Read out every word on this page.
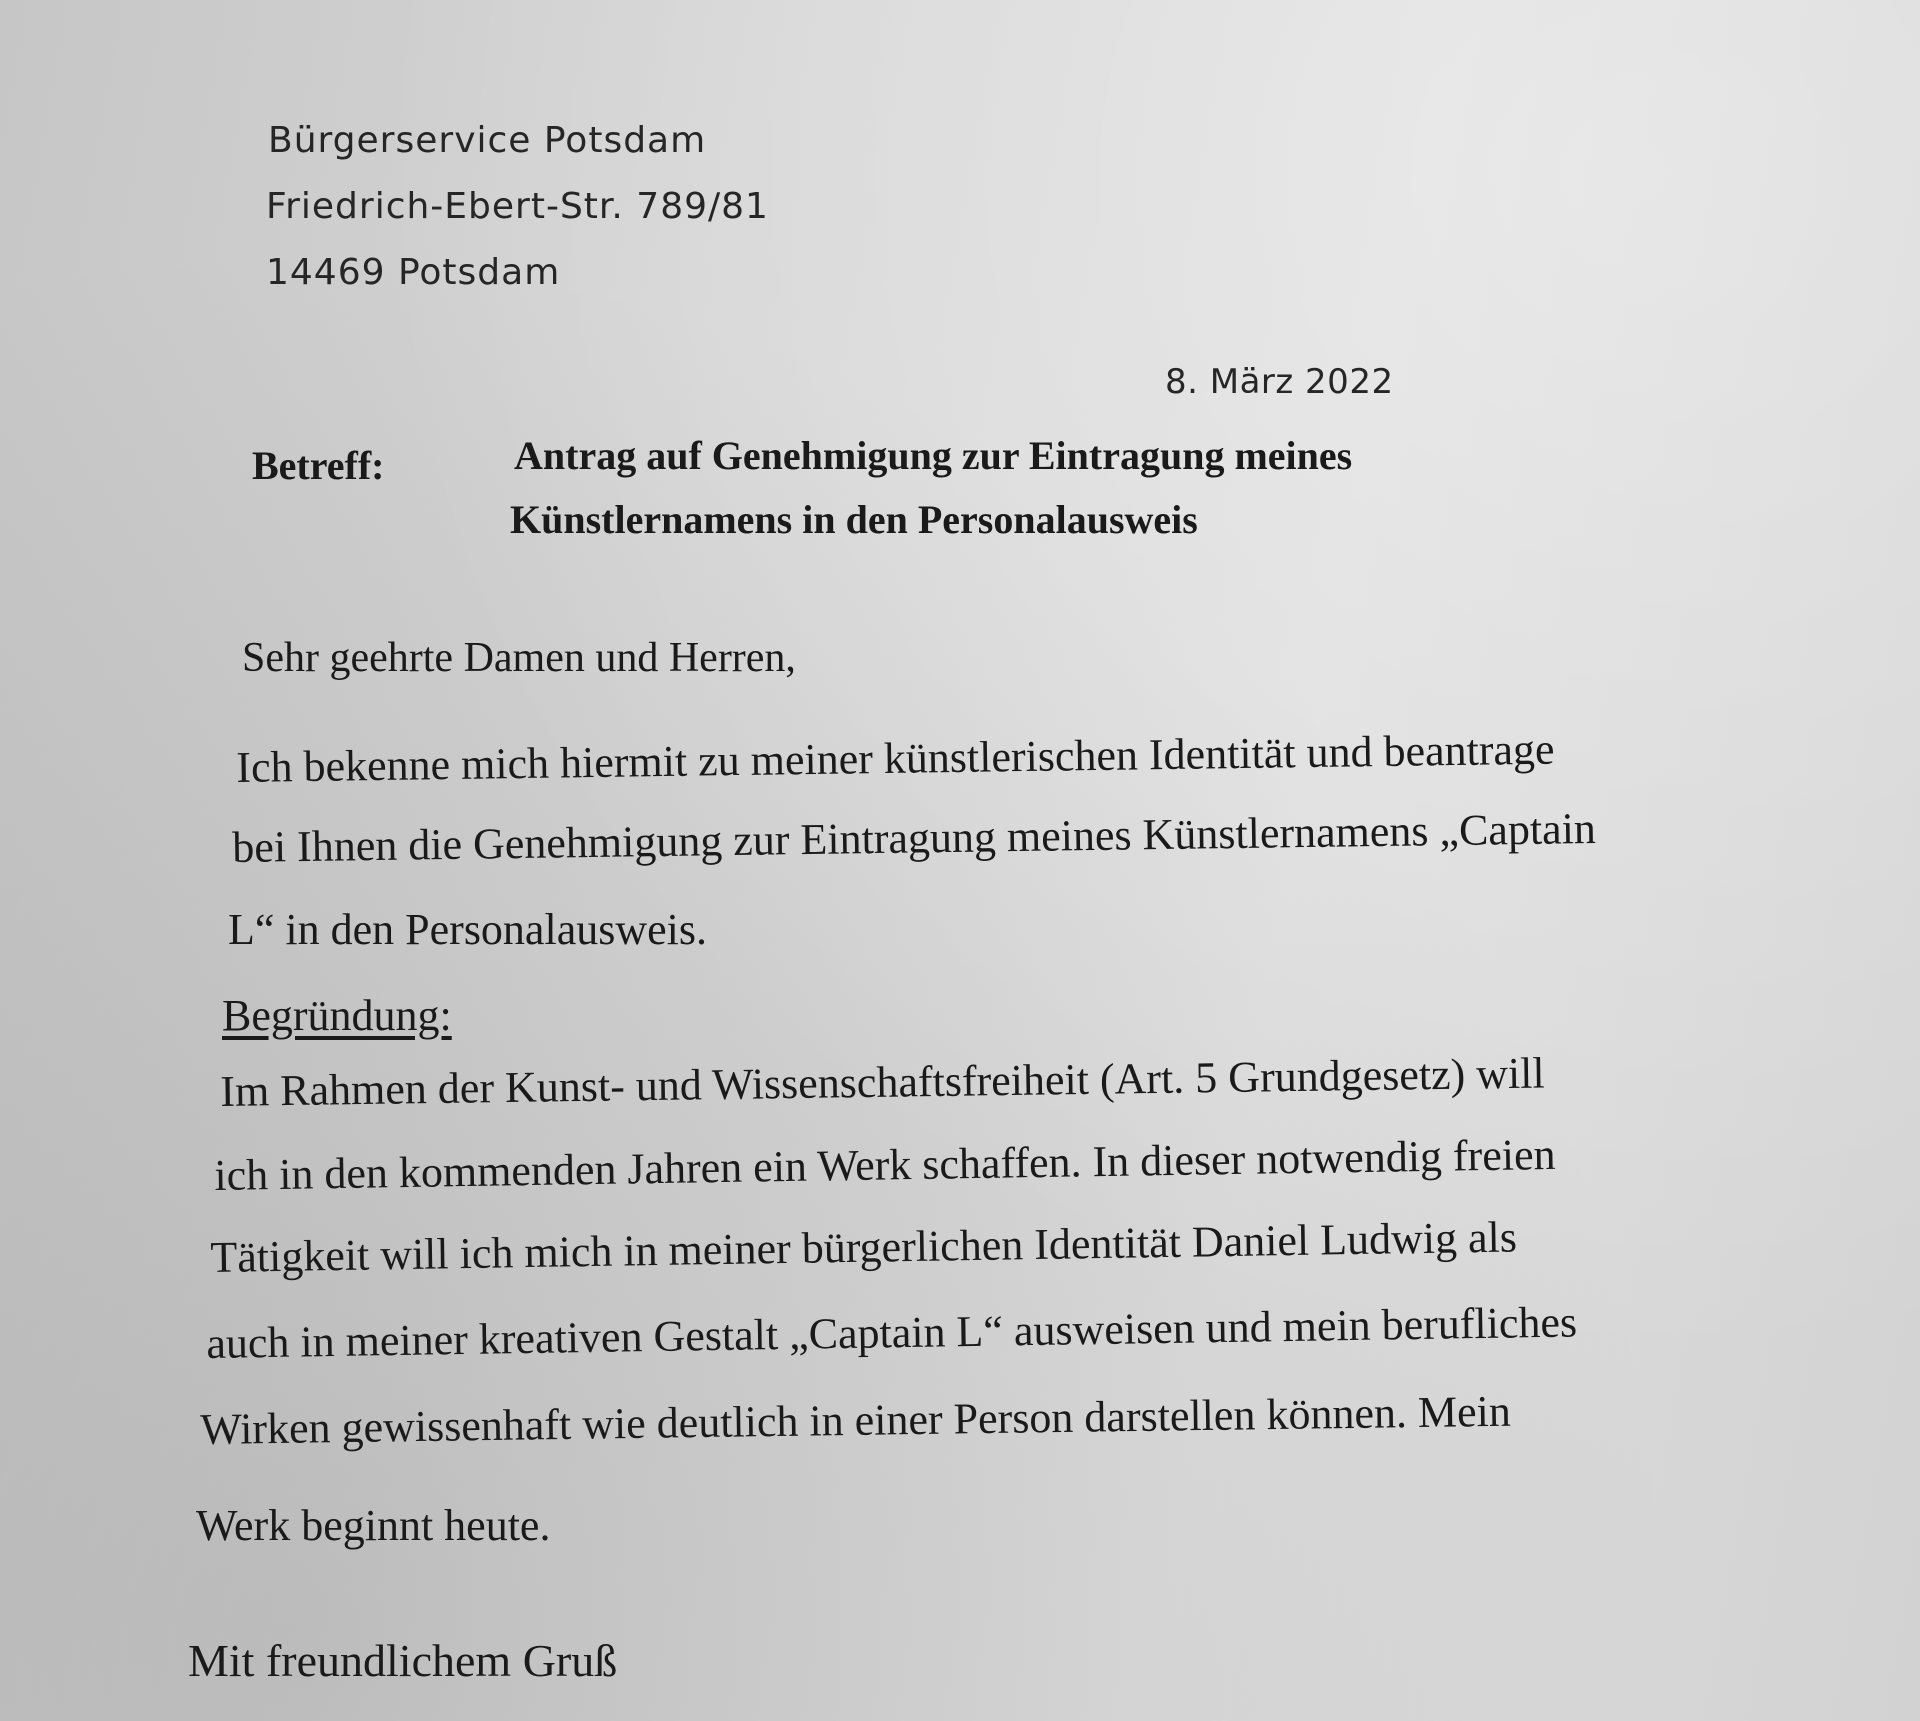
Bürgerservice Potsdam
Friedrich-Ebert-Str. 789/81
14469 Potsdam
8. März 2022
Betreff:	Antrag auf Genehmigung zur Eintragung meines
Künstlernamens in den Personalausweis
Sehr geehrte Damen und Herren,
Ich bekenne mich hiermit zu meiner künstlerischen Identität und beantrage
bei Ihnen die Genehmigung zur Eintragung meines Künstlernamens „Captain
L“ in den Personalausweis.
Begründung:
Im Rahmen der Kunst- und Wissenschaftsfreiheit (Art. 5 Grundgesetz) will
ich in den kommenden Jahren ein Werk schaffen. In dieser notwendig freien
Tätigkeit will ich mich in meiner bürgerlichen Identität Daniel Ludwig als
auch in meiner kreativen Gestalt „Captain L“ ausweisen und mein berufliches
Wirken gewissenhaft wie deutlich in einer Person darstellen können. Mein
Werk beginnt heute.
Mit freundlichem Gruß
